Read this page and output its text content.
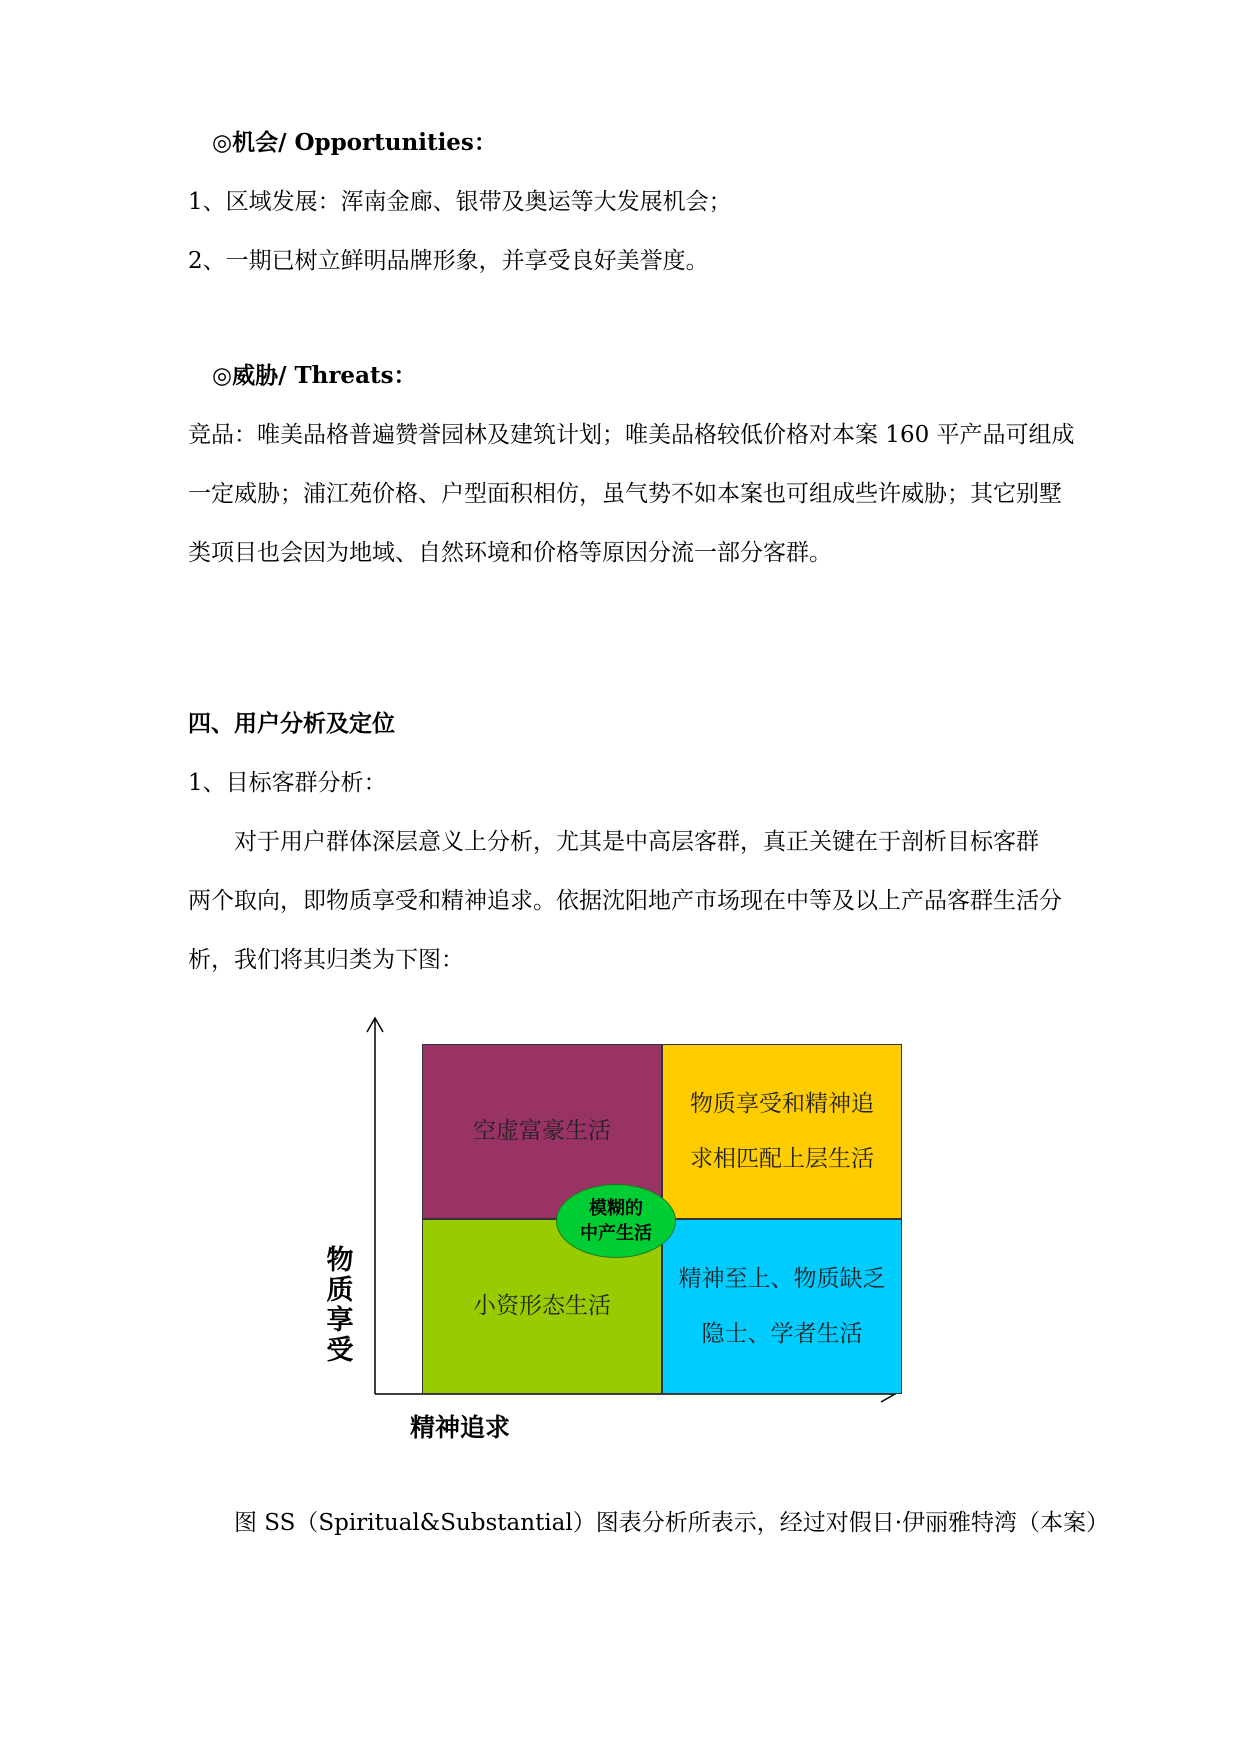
◎机会/ Opportunities：
1、区域发展：浑南金廊、银带及奥运等大发展机会；
2、一期已树立鲜明品牌形象，并享受良好美誉度。
◎威胁/ Threats：
竞品：唯美品格普遍赞誉园林及建筑计划；唯美品格较低价格对本案 160 平产品可组成
一定威胁；浦江苑价格、户型面积相仿，虽气势不如本案也可组成些许威胁；其它别墅
类项目也会因为地域、自然环境和价格等原因分流一部分客群。
四、用户分析及定位
1、目标客群分析：
　　对于用户群体深层意义上分析，尤其是中高层客群，真正关键在于剖析目标客群
两个取向，即物质享受和精神追求。依据沈阳地产市场现在中等及以上产品客群生活分
析，我们将其归类为下图：
空虚富豪生活
物质享受和精神追
求相匹配上层生活
小资形态生活
精神至上、物质缺乏
隐士、学者生活
模糊的
中产生活
物
质
享
受
精神追求
　　图 SS（Spiritual&Substantial）图表分析所表示，经过对假日·伊丽雅特湾（本案）
